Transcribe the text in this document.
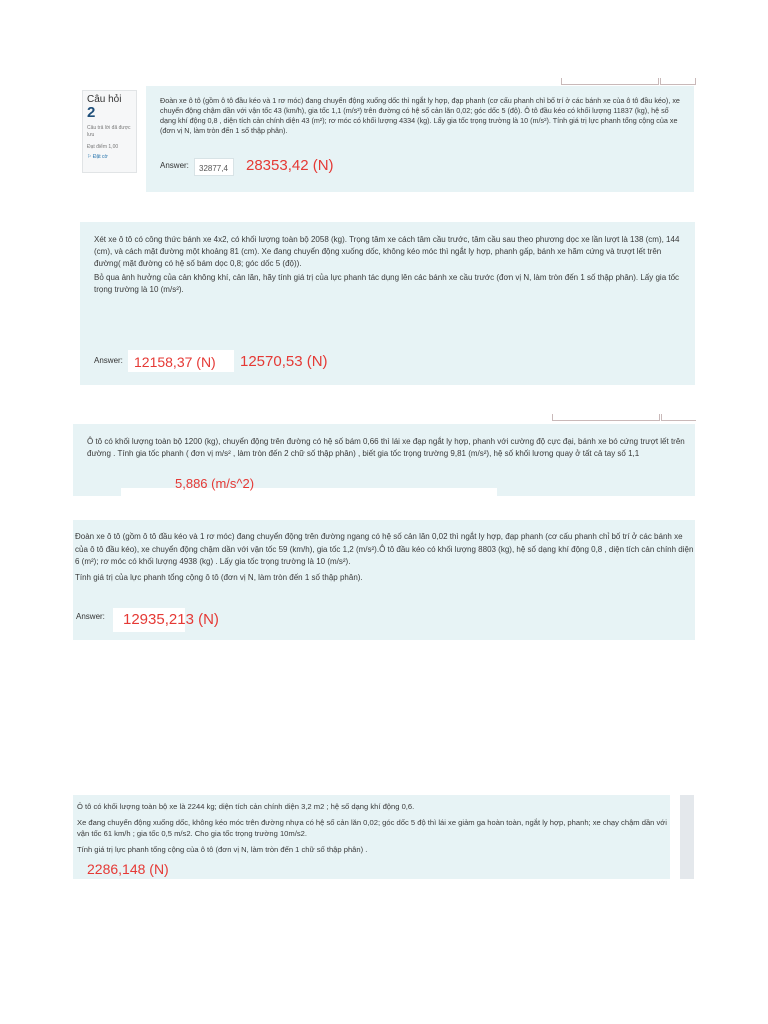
Câu hỏi
2
Câu trả lời đã được lưu
Đạt điểm 1,00
⚐ Đặt cờ
Đoàn xe ô tô (gồm ô tô đầu kéo và 1 rơ móc) đang chuyển động xuống dốc thì ngắt ly hợp, đạp phanh (cơ cấu phanh chỉ bố trí ở các bánh xe của ô tô đầu kéo), xe chuyển động chậm dần với vận tốc 43 (km/h), gia tốc 1,1 (m/s²) trên đường có hệ số cản lăn 0,02; góc dốc 5 (độ). Ô tô đầu kéo có khối lượng 11837 (kg), hệ số dạng khí động 0,8 , diện tích cản chính diện 43 (m²); rơ móc có khối lượng 4334 (kg). Lấy gia tốc trọng trường là 10 (m/s²). Tính giá trị lực phanh tổng cộng của xe (đơn vị N, làm tròn đến 1 số thập phân).
Answer:	32877,4	28353,42 (N)

Xét xe ô tô có công thức bánh xe 4x2, có khối lượng toàn bộ 2058 (kg). Trọng tâm xe cách tâm cầu trước, tâm cầu sau theo phương dọc xe lần lượt là 138 (cm), 144 (cm), và cách mặt đường một khoảng 81 (cm). Xe đang chuyển động xuống dốc, không kéo móc thì ngắt ly hợp, phanh gấp, bánh xe hãm cứng và trượt lết trên đường( mặt đường có hệ số bám dọc 0,8; góc dốc 5 (độ)).

Bỏ qua ảnh hưởng của cản không khí, cản lăn, hãy tính giá trị của lực phanh tác dụng lên các bánh xe cầu trước (đơn vị N, làm tròn đến 1 số thập phân). Lấy gia tốc trọng trường là 10 (m/s²).

Answer: 12158,37 (N) 12570,53 (N)
Ô tô có khối lượng toàn bộ 1200 (kg), chuyển động trên đường có hệ số bám 0,66 thì lái xe đạp ngắt ly hợp, phanh với cường độ cực đại, bánh xe bó cứng trượt lết trên đường . Tính gia tốc phanh ( đơn vị m/s² , làm tròn đến 2 chữ số thập phân) , biết gia tốc trọng trường 9,81 (m/s²), hệ số khối lương quay ở tất cả tay số 1,1
5,886 (m/s^2)

Đoàn xe ô tô (gồm ô tô đầu kéo và 1 rơ móc) đang chuyển động trên đường ngang có hệ số cản lăn 0,02 thì ngắt ly hợp, đạp phanh (cơ cấu phanh chỉ bố trí ở các bánh xe của ô tô đầu kéo), xe chuyển động chậm dần với vận tốc 59 (km/h), gia tốc 1,2 (m/s²).Ô tô đầu kéo có khối lượng 8803 (kg), hệ số dạng khí động 0,8 , diện tích cản chính diện 6 (m²); rơ móc có khối lượng 4938 (kg) . Lấy gia tốc trọng trường là 10 (m/s²).

Tính giá trị của lực phanh tổng cộng ô tô (đơn vị N, làm tròn đến 1 số thập phân).

Answer: 12935,213 (N)

Ô tô có khối lượng toàn bộ xe là 2244 kg; diện tích cản chính diện 3,2 m2 ; hệ số dạng khí động 0,6.

Xe đang chuyển động xuống dốc, không kéo móc trên đường nhựa có hệ số cản lăn 0,02; góc dốc 5 độ thì lái xe giảm ga hoàn toàn, ngắt ly hợp, phanh; xe chạy chậm dần với vận tốc 61 km/h ; gia tốc 0,5 m/s2. Cho gia tốc trọng trường 10m/s2.

Tính giá trị lực phanh tổng cộng của ô tô (đơn vị N, làm tròn đến 1 chữ số thập phân) .

2286,148 (N)
